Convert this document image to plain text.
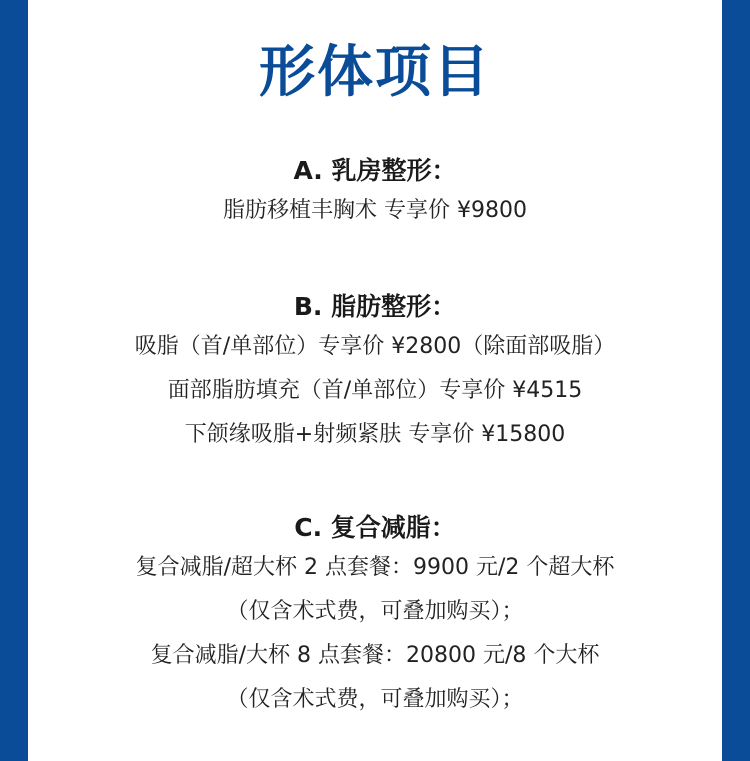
形体项目
A. 乳房整形：
脂肪移植丰胸术 专享价 ¥9800
B. 脂肪整形：
吸脂（首/单部位）专享价 ¥2800（除面部吸脂）
面部脂肪填充（首/单部位）专享价 ¥4515
下颌缘吸脂+射频紧肤 专享价 ¥15800
C. 复合减脂：
复合减脂/超大杯 2 点套餐：9900 元/2 个超大杯
（仅含术式费，可叠加购买）；
复合减脂/大杯 8 点套餐：20800 元/8 个大杯
（仅含术式费，可叠加购买）；
